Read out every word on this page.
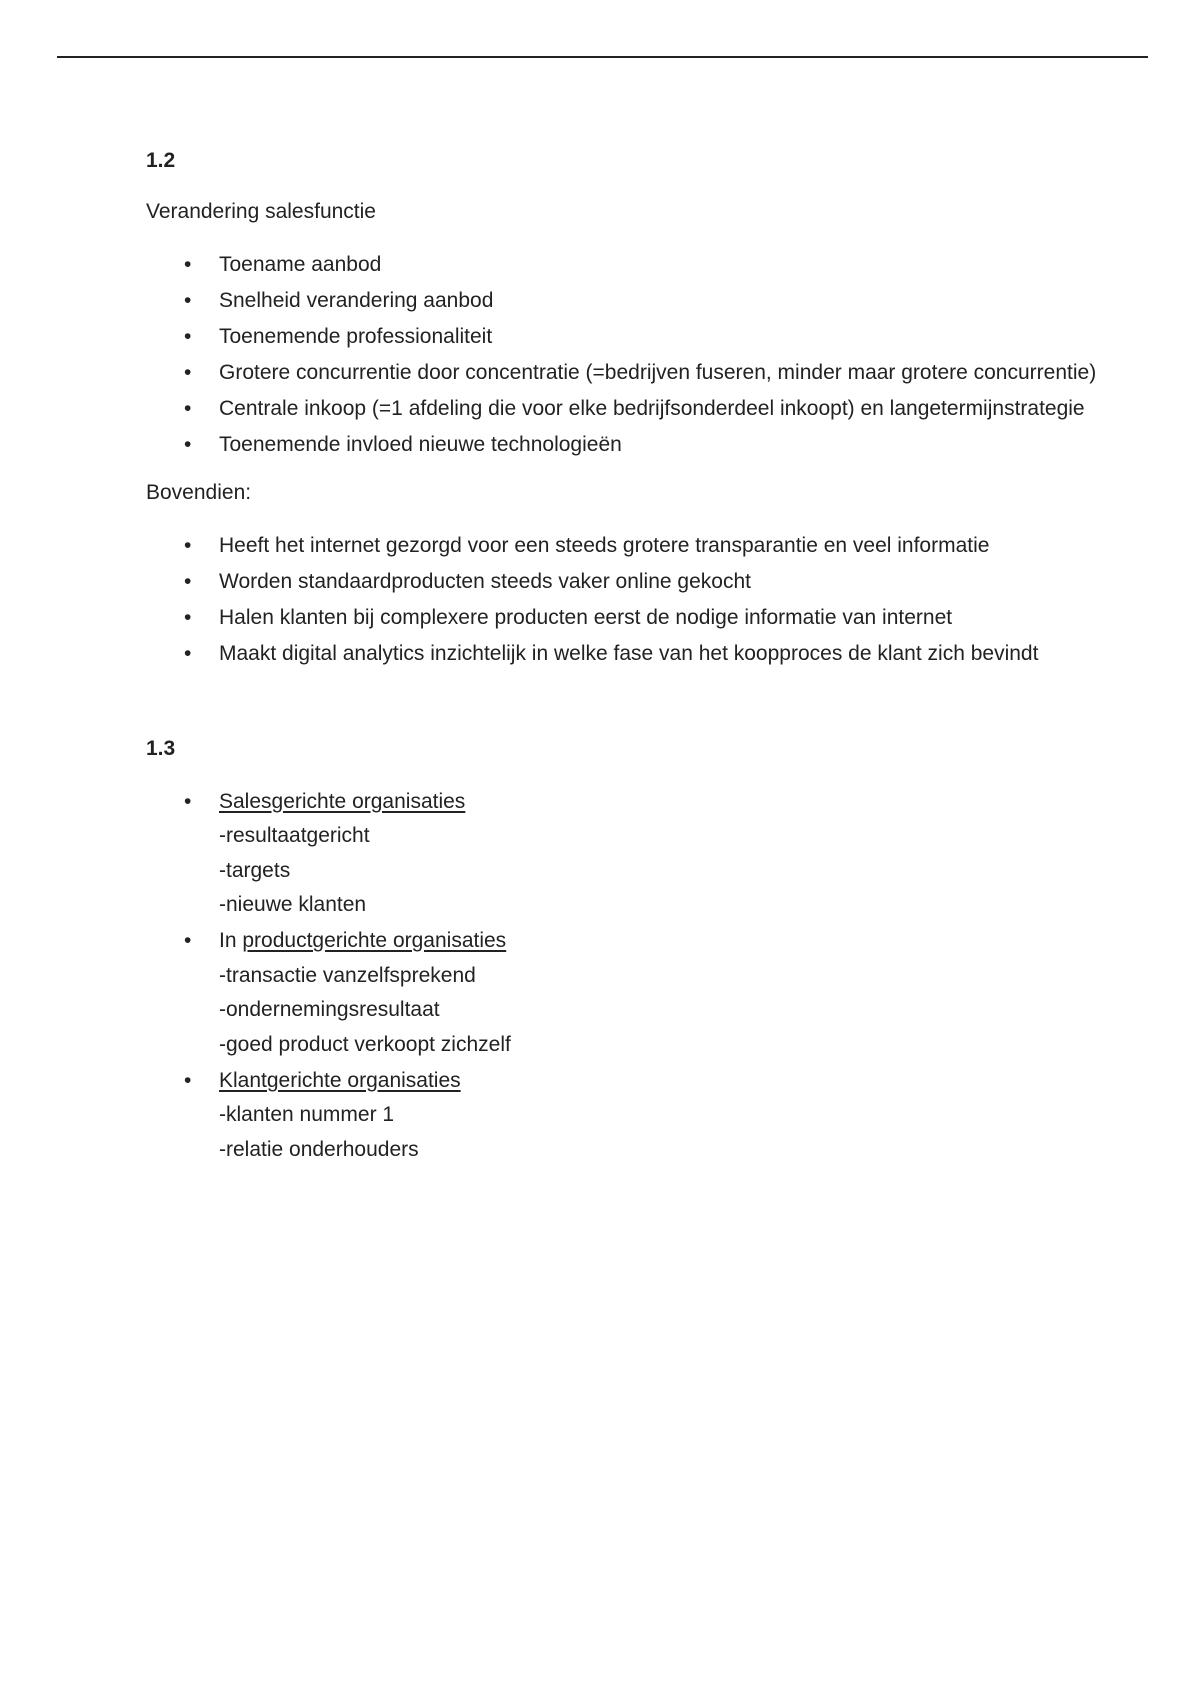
1.2

Verandering salesfunctie

• Toename aanbod
• Snelheid verandering aanbod
• Toenemende professionaliteit
• Grotere concurrentie door concentratie (=bedrijven fuseren, minder maar grotere concurrentie)
• Centrale inkoop (=1 afdeling die voor elke bedrijfsonderdeel inkoopt) en langetermijnstrategie
• Toenemende invloed nieuwe technologieën

Bovendien:

• Heeft het internet gezorgd voor een steeds grotere transparantie en veel informatie
• Worden standaardproducten steeds vaker online gekocht
• Halen klanten bij complexere producten eerst de nodige informatie van internet
• Maakt digital analytics inzichtelijk in welke fase van het koopproces de klant zich bevindt

1.3

• Salesgerichte organisaties
-resultaatgericht
-targets
-nieuwe klanten
• In productgerichte organisaties
-transactie vanzelfsprekend
-ondernemingsresultaat
-goed product verkoopt zichzelf
• Klantgerichte organisaties
-klanten nummer 1
-relatie onderhouders
